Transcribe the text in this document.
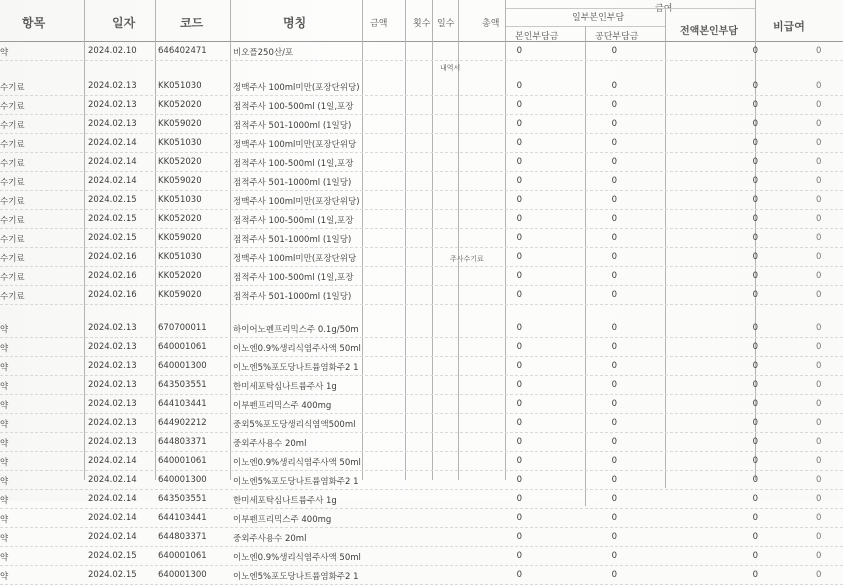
항목	일자	코드	명칭	금액	횟수 일수	총액
급여
일부본인부담
본인부담금	공단부담금	전액본인부담	비급여
내역서
주사수기료
약	2024.02.10	646402471	비오플250산/포	0	0	0	0
수기료	2024.02.13	KK051030	정맥주사 100ml미만(포장단위당)	0	0	0	0
수기료	2024.02.13	KK052020	점적주사 100-500ml (1일,포장	0	0	0	0
수기료	2024.02.13	KK059020	점적주사 501-1000ml (1일당)	0	0	0	0
수기료	2024.02.14	KK051030	정맥주사 100ml미만(포장단위당	0	0	0	0
수기료	2024.02.14	KK052020	점적주사 100-500ml (1일,포장	0	0	0	0
수기료	2024.02.14	KK059020	점적주사 501-1000ml (1일당)	0	0	0	0
수기료	2024.02.15	KK051030	정맥주사 100ml미만(포장단위당)	0	0	0	0
수기료	2024.02.15	KK052020	점적주사 100-500ml (1일,포장	0	0	0	0
수기료	2024.02.15	KK059020	점적주사 501-1000ml (1일당)	0	0	0	0
수기료	2024.02.16	KK051030	정맥주사 100ml미만(포장단위당	0	0	0	0
수기료	2024.02.16	KK052020	점적주사 100-500ml (1일,포장	0	0	0	0
수기료	2024.02.16	KK059020	점적주사 501-1000ml (1일당)	0	0	0	0
약	2024.02.13	670700011	하이어노펜프리믹스주 0.1g/50m	0	0	0	0
약	2024.02.13	640001061	이노엔0.9%생리식염주사액 50ml	0	0	0	0
약	2024.02.13	640001300	이노엔5%포도당나트륨염화주2 1	0	0	0	0
약	2024.02.13	643503551	한미세포탁심나트륨주사 1g	0	0	0	0
약	2024.02.13	644103441	이부펜프리믹스주 400mg	0	0	0	0
약	2024.02.13	644902212	중외5%포도당생리식염액500ml	0	0	0	0
약	2024.02.13	644803371	중외주사용수 20ml	0	0	0	0
약	2024.02.14	640001061	이노엔0.9%생리식염주사액 50ml	0	0	0	0
약	2024.02.14	640001300	이노엔5%포도당나트륨염화주2 1	0	0	0	0
약	2024.02.14	643503551	한미세포탁심나트륨주사 1g	0	0	0	0
약	2024.02.14	644103441	이부펜프리믹스주 400mg	0	0	0	0
약	2024.02.14	644803371	중외주사용수 20ml	0	0	0	0
약	2024.02.15	640001061	이노엔0.9%생리식염주사액 50ml	0	0	0	0
약	2024.02.15	640001300	이노엔5%포도당나트륨염화주2 1	0	0	0	0
